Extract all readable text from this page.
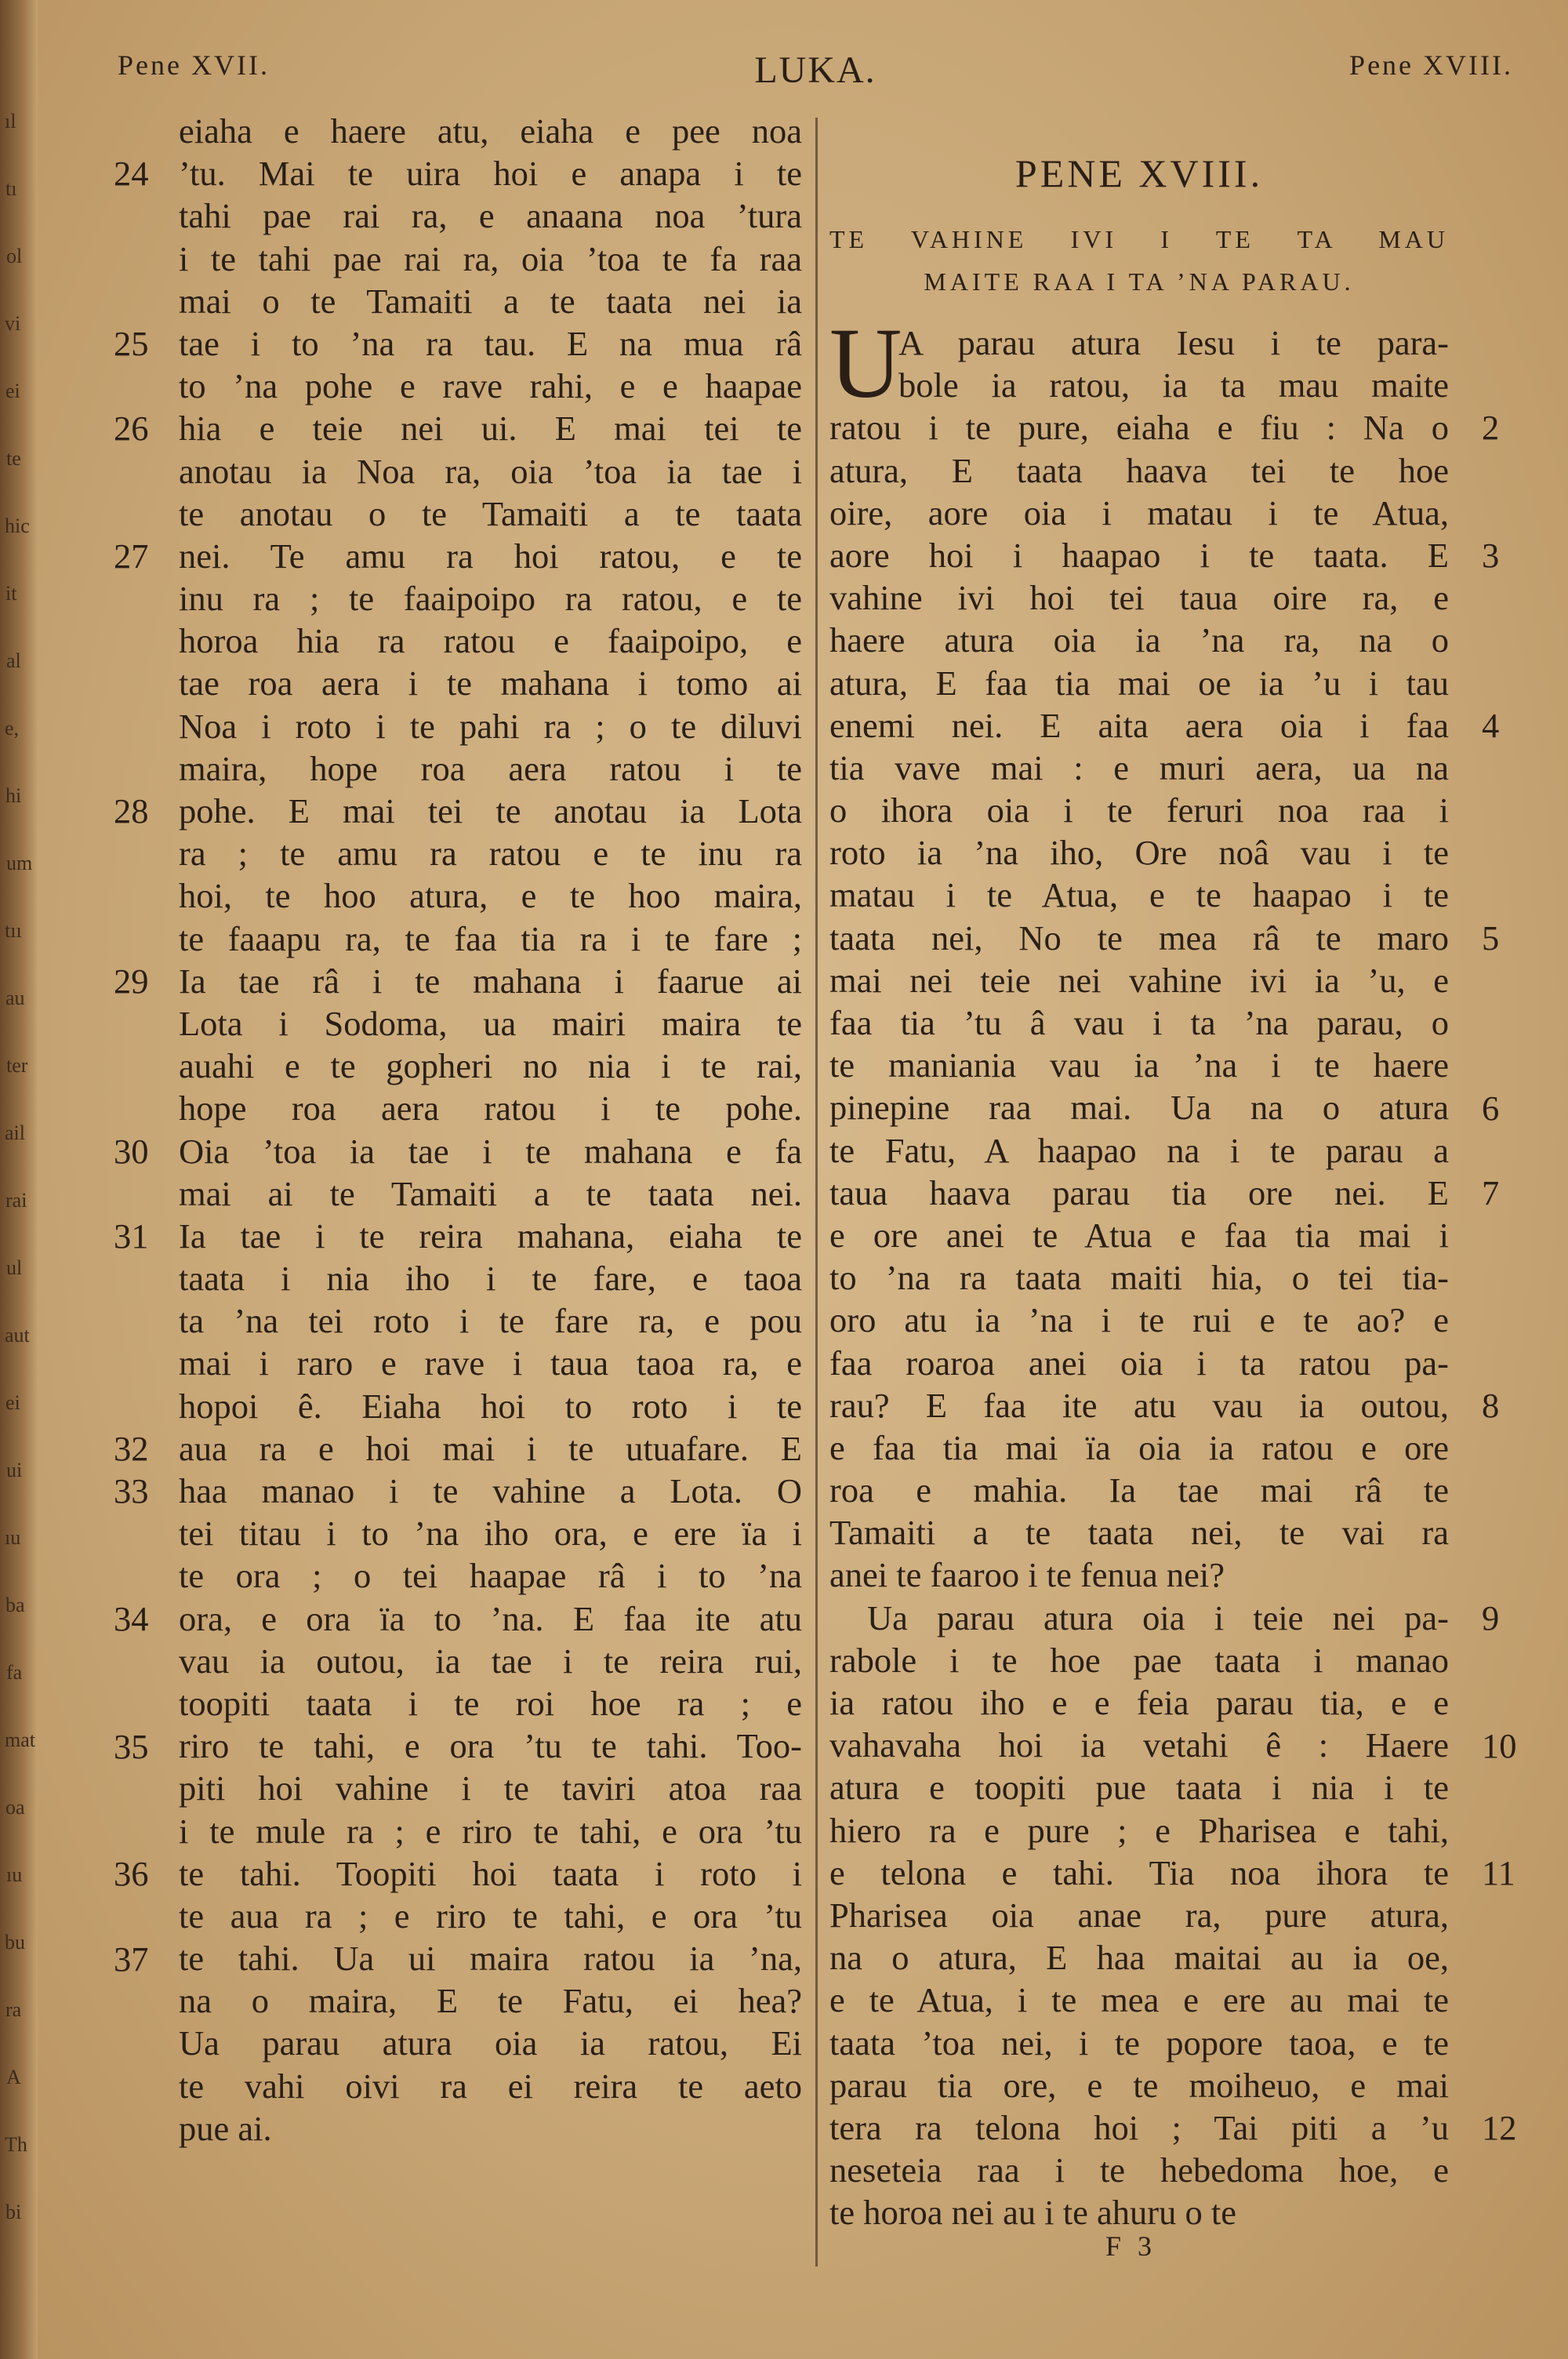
ıl
tı
ol
vi
ei
te
hic
it
al
e,
hi
um
tıı
au
ter
ail
rai
ul
aut
ei
ui
ıu
ba
fa
mat
oa
ıu
bu
ra
A
Th
bi
Pene XVII.	LUKA.	Pene XVIII.
eiaha e haere atu, eiaha e pee noa
’tu. Mai te uira hoi e anapa i te
tahi pae rai ra, e anaana noa ’tura
i te tahi pae rai ra, oia ’toa te fa raa
mai o te Tamaiti a te taata nei ia
tae i to ’na ra tau. E na mua râ
to ’na pohe e rave rahi, e e haapae
hia e teie nei ui. E mai tei te
anotau ia Noa ra, oia ’toa ia tae i
te anotau o te Tamaiti a te taata
nei. Te amu ra hoi ratou, e te
inu ra ; te faaipoipo ra ratou, e te
horoa hia ra ratou e faaipoipo, e
tae roa aera i te mahana i tomo ai
Noa i roto i te pahi ra ; o te diluvi
maira, hope roa aera ratou i te
pohe. E mai tei te anotau ia Lota
ra ; te amu ra ratou e te inu ra
hoi, te hoo atura, e te hoo maira,
te faaapu ra, te faa tia ra i te fare ;
Ia tae râ i te mahana i faarue ai
Lota i Sodoma, ua mairi maira te
auahi e te gopheri no nia i te rai,
hope roa aera ratou i te pohe.
Oia ’toa ia tae i te mahana e fa
mai ai te Tamaiti a te taata nei.
Ia tae i te reira mahana, eiaha te
taata i nia iho i te fare, e taoa
ta ’na tei roto i te fare ra, e pou
mai i raro e rave i taua taoa ra, e
hopoi ê. Eiaha hoi to roto i te
aua ra e hoi mai i te utuafare. E
haa manao i te vahine a Lota. O
tei titau i to ’na iho ora, e ere ïa i
te ora ; o tei haapae râ i to ’na
ora, e ora ïa to ’na. E faa ite atu
vau ia outou, ia tae i te reira rui,
toopiti taata i te roi hoe ra ; e
riro te tahi, e ora ’tu te tahi. Too-
piti hoi vahine i te taviri atoa raa
i te mule ra ; e riro te tahi, e ora ’tu
te tahi. Toopiti hoi taata i roto i
te aua ra ; e riro te tahi, e ora ’tu
te tahi. Ua ui maira ratou ia ’na,
na o maira, E te Fatu, ei hea?
Ua parau atura oia ia ratou, Ei
te vahi oivi ra ei reira te aeto
pue ai.
24
25
26
27
28
29
30
31
32
33
34
35
36
37
PENE XVIII.
TE VAHINE IVI I TE TA MAU
MAITE RAA I TA ’NA PARAU.
U
A parau atura Iesu i te para-
bole ia ratou, ia ta mau maite
ratou i te pure, eiaha e fiu : Na o
atura, E taata haava tei te hoe
oire, aore oia i matau i te Atua,
aore hoi i haapao i te taata. E
vahine ivi hoi tei taua oire ra, e
haere atura oia ia ’na ra, na o
atura, E faa tia mai oe ia ’u i tau
enemi nei. E aita aera oia i faa
tia vave mai : e muri aera, ua na
o ihora oia i te feruri noa raa i
roto ia ’na iho, Ore noâ vau i te
matau i te Atua, e te haapao i te
taata nei, No te mea râ te maro
mai nei teie nei vahine ivi ia ’u, e
faa tia ’tu â vau i ta ’na parau, o
te maniania vau ia ’na i te haere
pinepine raa mai. Ua na o atura
te Fatu, A haapao na i te parau a
taua haava parau tia ore nei. E
e ore anei te Atua e faa tia mai i
to ’na ra taata maiti hia, o tei tia-
oro atu ia ’na i te rui e te ao? e
faa roaroa anei oia i ta ratou pa-
rau? E faa ite atu vau ia outou,
e faa tia mai ïa oia ia ratou e ore
roa e mahia. Ia tae mai râ te
Tamaiti a te taata nei, te vai ra
anei te faaroo i te fenua nei?
Ua parau atura oia i teie nei pa-
rabole i te hoe pae taata i manao
ia ratou iho e e feia parau tia, e e
vahavaha hoi ia vetahi ê : Haere
atura e toopiti pue taata i nia i te
hiero ra e pure ; e Pharisea e tahi,
e telona e tahi. Tia noa ihora te
Pharisea oia anae ra, pure atura,
na o atura, E haa maitai au ia oe,
e te Atua, i te mea e ere au mai te
taata ’toa nei, i te popore taoa, e te
parau tia ore, e te moiheuo, e mai
tera ra telona hoi ; Tai piti a ’u
neseteia raa i te hebedoma hoe, e
te horoa nei au i te ahuru o te
2
3
4
5
6
7
8
9
10
11
12
F 3
